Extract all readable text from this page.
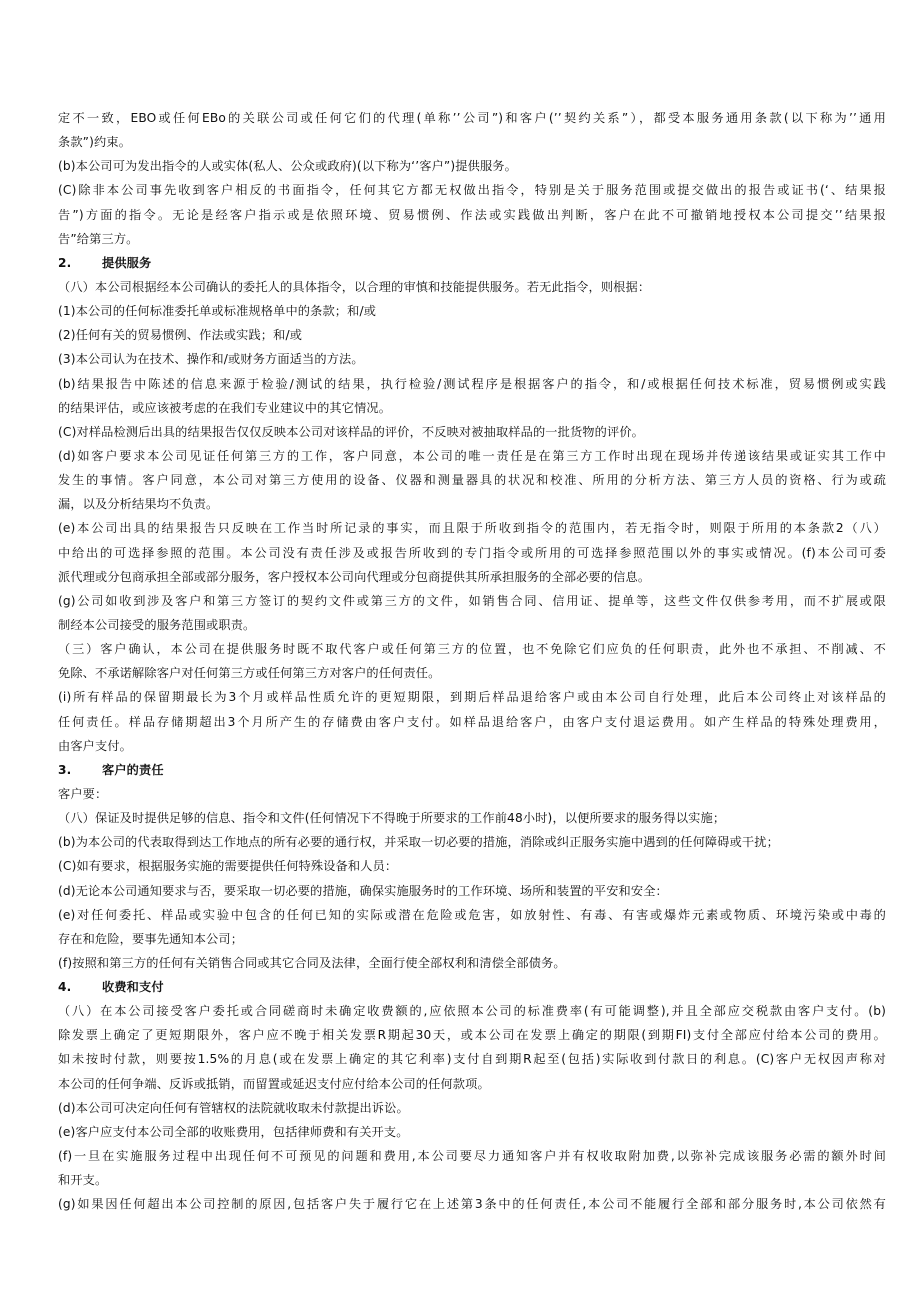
定不一致，EBO或任何EBo的关联公司或任何它们的代理(单称’’公司”)和客户(’’契约关系”），都受本服务通用条款(以下称为’’通用
条款”)约束。
(b)本公司可为发出指令的人或实体(私人、公众或政府)(以下称为‘’客户”)提供服务。
(C)除非本公司事先收到客户相反的书面指令，任何其它方都无权做出指令，特别是关于服务范围或提交做出的报告或证书(‘、结果报
告”)方面的指令。无论是经客户指示或是依照环境、贸易惯例、作法或实践做出判断，客户在此不可撤销地授权本公司提交’’结果报
告”给第三方。
2.	提供服务
（八）本公司根据经本公司确认的委托人的具体指令，以合理的审慎和技能提供服务。若无此指令，则根据：
(1)本公司的任何标准委托单或标准规格单中的条款；和/或
(2)任何有关的贸易惯例、作法或实践；和/或
(3)本公司认为在技术、操作和/或财务方面适当的方法。
(b)结果报告中陈述的信息来源于检验/测试的结果，执行检验/测试程序是根据客户的指令，和/或根据任何技术标准，贸易惯例或实践
的结果评估，或应该被考虑的在我们专业建议中的其它情况。
(C)对样品检测后出具的结果报告仅仅反映本公司对该样品的评价，不反映对被抽取样品的一批货物的评价。
(d)如客户要求本公司见证任何第三方的工作，客户同意，本公司的唯一责任是在第三方工作时出现在现场并传递该结果或证实其工作中
发生的事情。客户同意，本公司对第三方使用的设备、仪器和测量器具的状况和校准、所用的分析方法、第三方人员的资格、行为或疏
漏，以及分析结果均不负责。
(e)本公司出具的结果报告只反映在工作当时所记录的事实，而且限于所收到指令的范围内，若无指令时，则限于所用的本条款2（八）
中给出的可选择参照的范围。本公司没有责任涉及或报告所收到的专门指令或所用的可选择参照范围以外的事实或情况。(f)本公司可委
派代理或分包商承担全部或部分服务，客户授权本公司向代理或分包商提供其所承担服务的全部必要的信息。
(g)公司如收到涉及客户和第三方签订的契约文件或第三方的文件，如销售合同、信用证、提单等，这些文件仅供参考用，而不扩展或限
制经本公司接受的服务范围或职责。
（三）客户确认，本公司在提供服务时既不取代客户或任何第三方的位置，也不免除它们应负的任何职责，此外也不承担、不削减、不
免除、不承诺解除客户对任何第三方或任何第三方对客户的任何责任。
(i)所有样品的保留期最长为3个月或样品性质允许的更短期限，到期后样品退给客户或由本公司自行处理，此后本公司终止对该样品的
任何责任。样品存储期超出3个月所产生的存储费由客户支付。如样品退给客户，由客户支付退运费用。如产生样品的特殊处理费用，
由客户支付。
3.	客户的责任
客户要：
（八）保证及时提供足够的信息、指令和文件(任何情况下不得晚于所要求的工作前48小时)，以便所要求的服务得以实施；
(b)为本公司的代表取得到达工作地点的所有必要的通行权，并采取一切必要的措施，消除或纠正服务实施中遇到的任何障碍或干扰；
(C)如有要求，根据服务实施的需要提供任何特殊设备和人员：
(d)无论本公司通知要求与否，要采取一切必要的措施，确保实施服务时的工作环境、场所和装置的平安和安全：
(e)对任何委托、样品或实验中包含的任何已知的实际或潜在危险或危害，如放射性、有毒、有害或爆炸元素或物质、环境污染或中毒的
存在和危险，要事先通知本公司；
(f)按照和第三方的任何有关销售合同或其它合同及法律，全面行使全部权利和清偿全部债务。
4.	收费和支付
（八）在本公司接受客户委托或合同磋商时未确定收费额的,应依照本公司的标准费率(有可能调整),并且全部应交税款由客户支付。(b)
除发票上确定了更短期限外，客户应不晚于相关发票R期起30天，或本公司在发票上确定的期限(到期FI)支付全部应付给本公司的费用。
如未按时付款，则要按1.5%的月息(或在发票上确定的其它利率)支付自到期R起至(包括)实际收到付款日的利息。(C)客户无权因声称对
本公司的任何争端、反诉或抵销，而留置或延迟支付应付给本公司的任何款项。
(d)本公司可决定向任何有管辖权的法院就收取未付款提出诉讼。
(e)客户应支付本公司全部的收账费用，包括律师费和有关开支。
(f)一旦在实施服务过程中出现任何不可预见的问题和费用,本公司要尽力通知客户并有权收取附加费,以弥补完成该服务必需的额外时间
和开支。
(g)如果因任何超出本公司控制的原因,包括客户失于履行它在上述第3条中的任何责任,本公司不能履行全部和部分服务时,本公司依然有
